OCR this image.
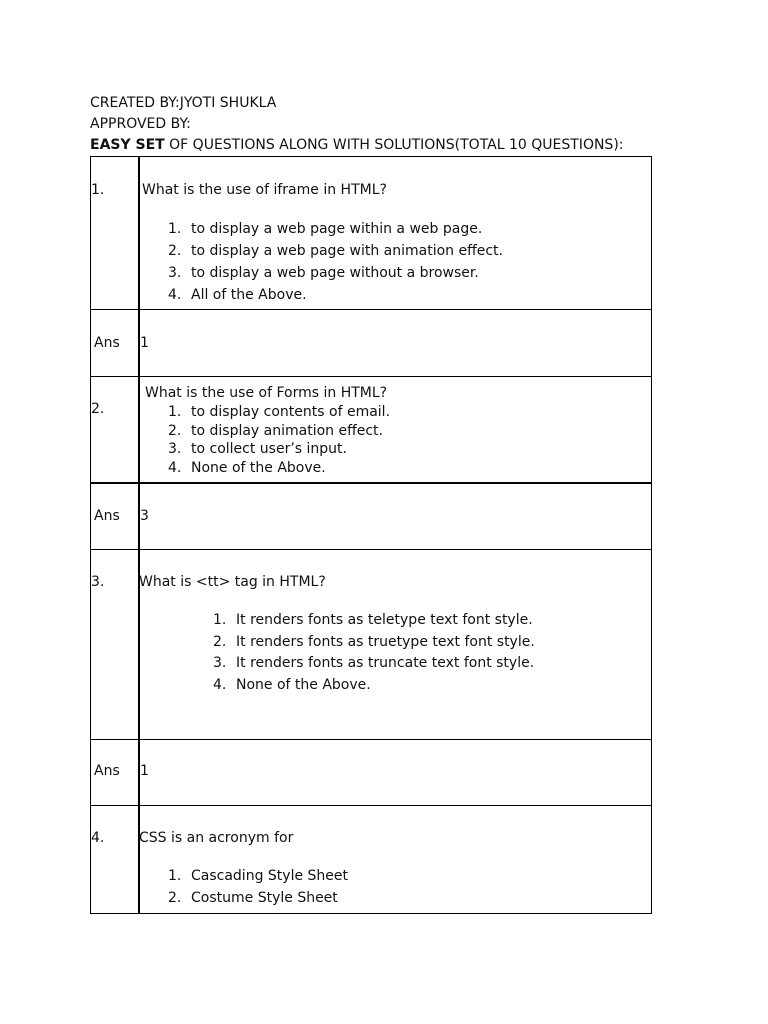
CREATED BY:JYOTI SHUKLA
APPROVED BY:
EASY SET OF QUESTIONS ALONG WITH SOLUTIONS(TOTAL 10 QUESTIONS):
1.	What is the use of iframe in HTML?
1. to display a web page within a web page.
2. to display a web page with animation effect.
3. to display a web page without a browser.
4. All of the Above.
Ans 1
2.
What is the use of Forms in HTML?
1. to display contents of email.
2. to display animation effect.
3. to collect user’s input.
4. None of the Above.
Ans 3
3. What is <tt> tag in HTML?
1. It renders fonts as teletype text font style.
2. It renders fonts as truetype text font style.
3. It renders fonts as truncate text font style.
4. None of the Above.
Ans 1
4. CSS is an acronym for
1. Cascading Style Sheet
2. Costume Style Sheet
